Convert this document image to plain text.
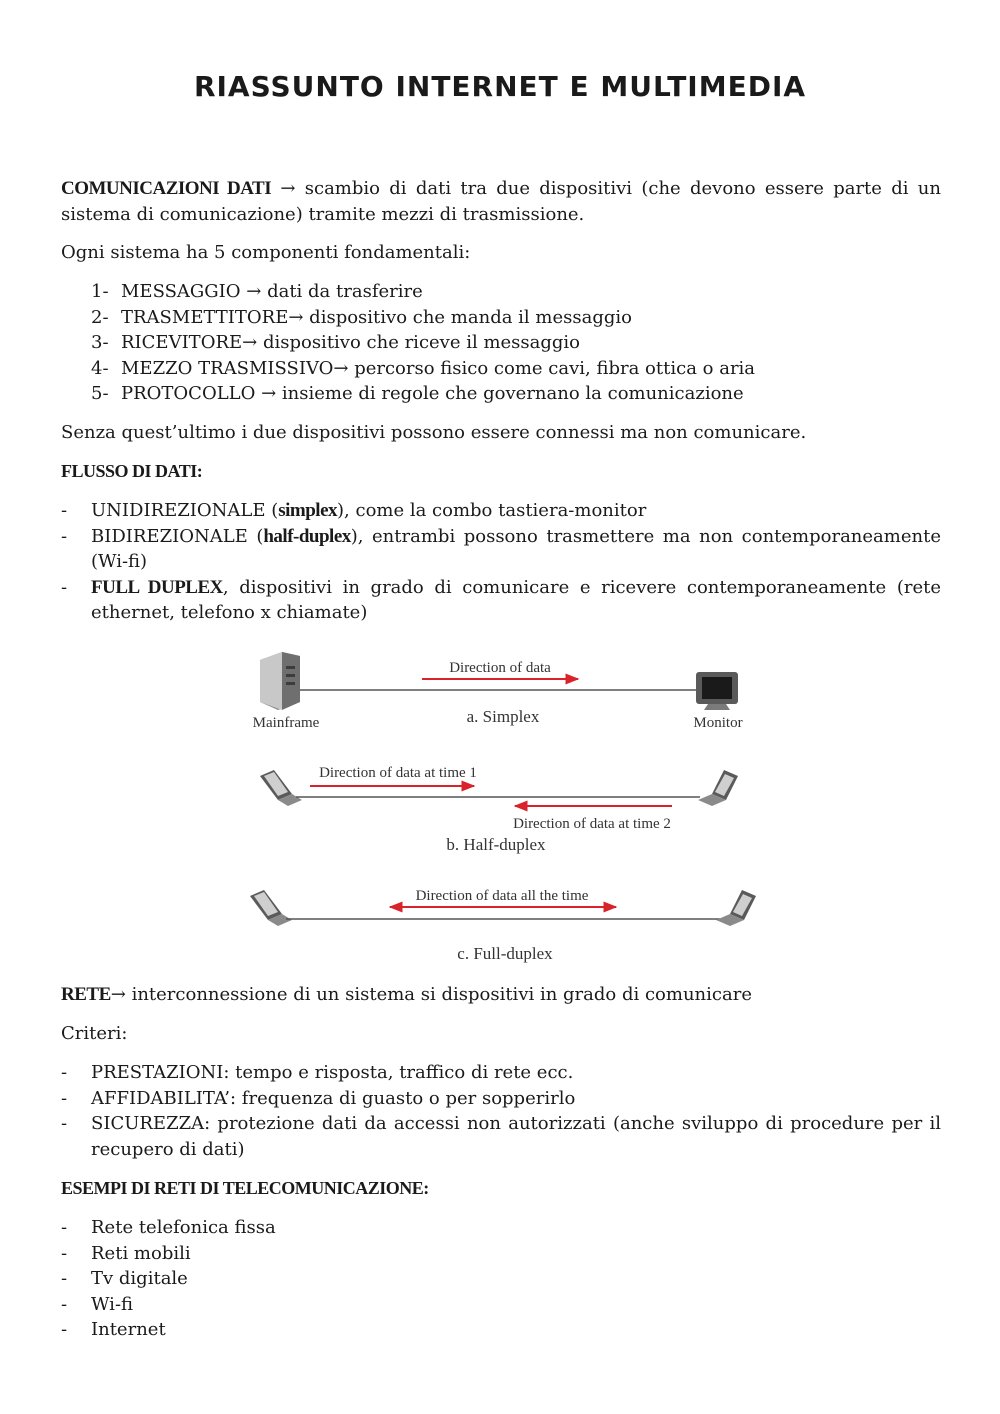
RIASSUNTO INTERNET E MULTIMEDIA

COMUNICAZIONI DATI → scambio di dati tra due dispositivi (che devono essere parte di un sistema di comunicazione) tramite mezzi di trasmissione.

Ogni sistema ha 5 componenti fondamentali:
1- MESSAGGIO → dati da trasferire
2- TRASMETTITORE→ dispositivo che manda il messaggio
3- RICEVITORE→ dispositivo che riceve il messaggio
4- MEZZO TRASMISSIVO→ percorso fisico come cavi, fibra ottica o aria
5- PROTOCOLLO → insieme di regole che governano la comunicazione
Senza quest’ultimo i due dispositivi possono essere connessi ma non comunicare.
FLUSSO DI DATI:
- UNIDIREZIONALE (simplex), come la combo tastiera-monitor
- BIDIREZIONALE (half-duplex), entrambi possono trasmettere ma non contemporaneamente (Wi-fi)
- FULL DUPLEX, dispositivi in grado di comunicare e ricevere contemporaneamente (rete ethernet, telefono x chiamate)
Direction of data
Mainframe	Monitor
a. Simplex
Direction of data at time 1
Direction of data at time 2
b. Half-duplex
Direction of data all the time
c. Full-duplex
RETE→ interconnessione di un sistema si dispositivi in grado di comunicare
Criteri:
- PRESTAZIONI: tempo e risposta, traffico di rete ecc.
- AFFIDABILITA’: frequenza di guasto o per sopperirlo
- SICUREZZA: protezione dati da accessi non autorizzati (anche sviluppo di procedure per il recupero di dati)
ESEMPI DI RETI DI TELECOMUNICAZIONE:
- Rete telefonica fissa
- Reti mobili
- Tv digitale
- Wi-fi
- Internet
